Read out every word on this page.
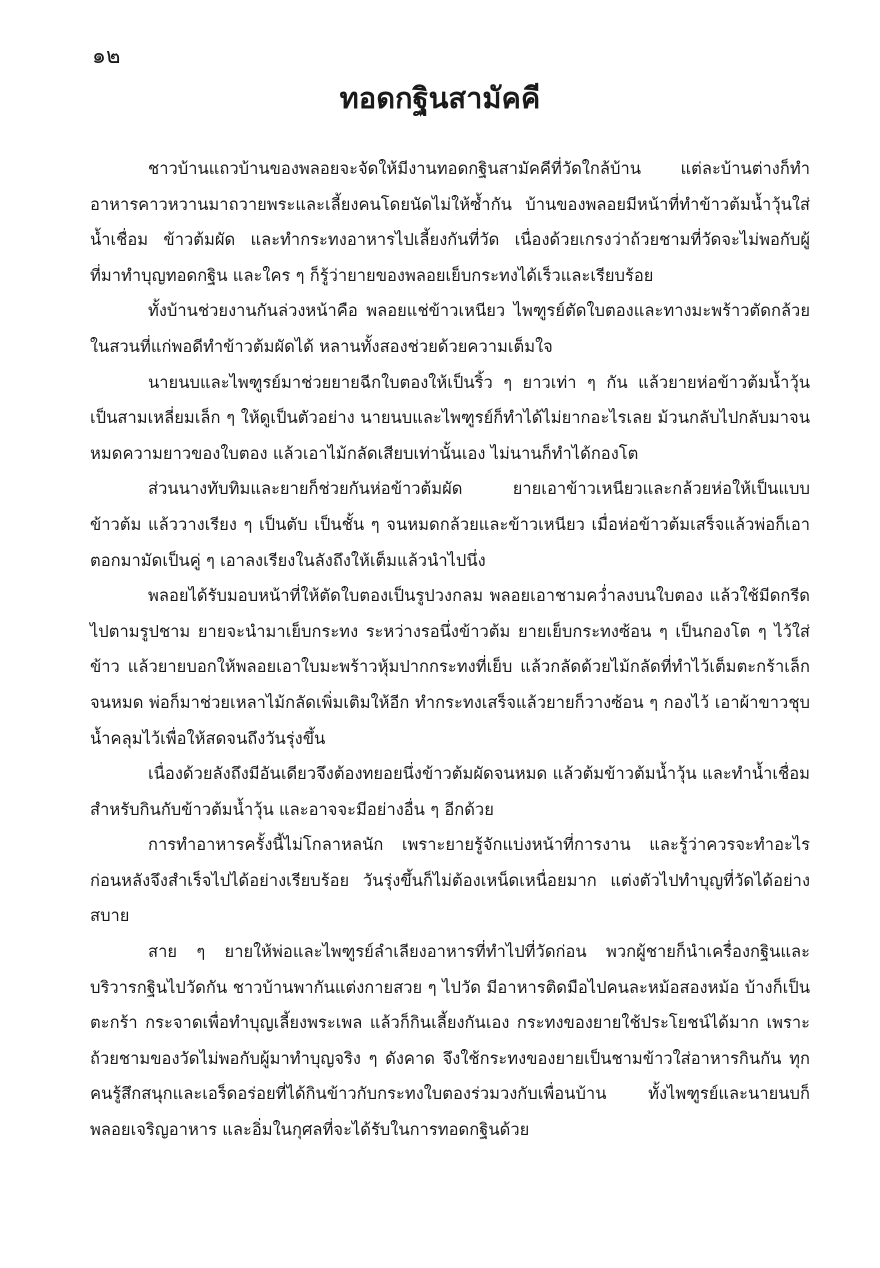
๑๒
ทอดกฐินสามัคคี

ชาวบ้านแถวบ้านของพลอยจะจัดให้มีงานทอดกฐินสามัคคีที่วัดใกล้บ้าน แต่ละบ้านต่างก็ทำอาหารคาวหวานมาถวายพระและเลี้ยงคนโดยนัดไม่ให้ซ้ำกัน บ้านของพลอยมีหน้าที่ทำข้าวต้มน้ำวุ้นใส่น้ำเชื่อม ข้าวต้มผัด และทำกระทงอาหารไปเลี้ยงกันที่วัด เนื่องด้วยเกรงว่าถ้วยชามที่วัดจะไม่พอกับผู้ที่มาทำบุญทอดกฐิน และใคร ๆ ก็รู้ว่ายายของพลอยเย็บกระทงได้เร็วและเรียบร้อย

ทั้งบ้านช่วยงานกันล่วงหน้าคือ พลอยแช่ข้าวเหนียว ไพฑูรย์ตัดใบตองและทางมะพร้าวตัดกล้วยในสวนที่แก่พอดีทำข้าวต้มผัดได้ หลานทั้งสองช่วยด้วยความเต็มใจ

นายนบและไพฑูรย์มาช่วยยายฉีกใบตองให้เป็นริ้ว ๆ ยาวเท่า ๆ กัน แล้วยายห่อข้าวต้มน้ำวุ้นเป็นสามเหลี่ยมเล็ก ๆ ให้ดูเป็นตัวอย่าง นายนบและไพฑูรย์ก็ทำได้ไม่ยากอะไรเลย ม้วนกลับไปกลับมาจนหมดความยาวของใบตอง แล้วเอาไม้กลัดเสียบเท่านั้นเอง ไม่นานก็ทำได้กองโต

ส่วนนางทับทิมและยายก็ช่วยกันห่อข้าวต้มผัด ยายเอาข้าวเหนียวและกล้วยห่อให้เป็นแบบข้าวต้ม แล้ววางเรียง ๆ เป็นตับ เป็นชั้น ๆ จนหมดกล้วยและข้าวเหนียว เมื่อห่อข้าวต้มเสร็จแล้วพ่อก็เอาตอกมามัดเป็นคู่ ๆ เอาลงเรียงในลังถึงให้เต็มแล้วนำไปนึ่ง

พลอยได้รับมอบหน้าที่ให้ตัดใบตองเป็นรูปวงกลม พลอยเอาชามคว่ำลงบนใบตอง แล้วใช้มีดกรีดไปตามรูปชาม ยายจะนำมาเย็บกระทง ระหว่างรอนึ่งข้าวต้ม ยายเย็บกระทงซ้อน ๆ เป็นกองโต ๆ ไว้ใส่ข้าว แล้วยายบอกให้พลอยเอาใบมะพร้าวหุ้มปากกระทงที่เย็บ แล้วกลัดด้วยไม้กลัดที่ทำไว้เต็มตะกร้าเล็กจนหมด พ่อก็มาช่วยเหลาไม้กลัดเพิ่มเติมให้อีก ทำกระทงเสร็จแล้วยายก็วางซ้อน ๆ กองไว้ เอาผ้าขาวชุบน้ำคลุมไว้เพื่อให้สดจนถึงวันรุ่งขึ้น

เนื่องด้วยลังถึงมีอันเดียวจึงต้องทยอยนึ่งข้าวต้มผัดจนหมด แล้วต้มข้าวต้มน้ำวุ้น และทำน้ำเชื่อมสำหรับกินกับข้าวต้มน้ำวุ้น และอาจจะมีอย่างอื่น ๆ อีกด้วย

การทำอาหารครั้งนี้ไม่โกลาหลนัก เพราะยายรู้จักแบ่งหน้าที่การงาน และรู้ว่าควรจะทำอะไรก่อนหลังจึงสำเร็จไปได้อย่างเรียบร้อย วันรุ่งขึ้นก็ไม่ต้องเหน็ดเหนื่อยมาก แต่งตัวไปทำบุญที่วัดได้อย่างสบาย

สาย ๆ ยายให้พ่อและไพฑูรย์ลำเลียงอาหารที่ทำไปที่วัดก่อน พวกผู้ชายก็นำเครื่องกฐินและบริวารกฐินไปวัดกัน ชาวบ้านพากันแต่งกายสวย ๆ ไปวัด มีอาหารติดมือไปคนละหม้อสองหม้อ บ้างก็เป็นตะกร้า กระจาดเพื่อทำบุญเลี้ยงพระเพล แล้วก็กินเลี้ยงกันเอง กระทงของยายใช้ประโยชน์ได้มาก เพราะถ้วยชามของวัดไม่พอกับผู้มาทำบุญจริง ๆ ดังคาด จึงใช้กระทงของยายเป็นชามข้าวใส่อาหารกินกัน ทุกคนรู้สึกสนุกและเอร็ดอร่อยที่ได้กินข้าวกับกระทงใบตองร่วมวงกับเพื่อนบ้าน ทั้งไพฑูรย์และนายนบก็พลอยเจริญอาหาร และอิ่มในกุศลที่จะได้รับในการทอดกฐินด้วย
